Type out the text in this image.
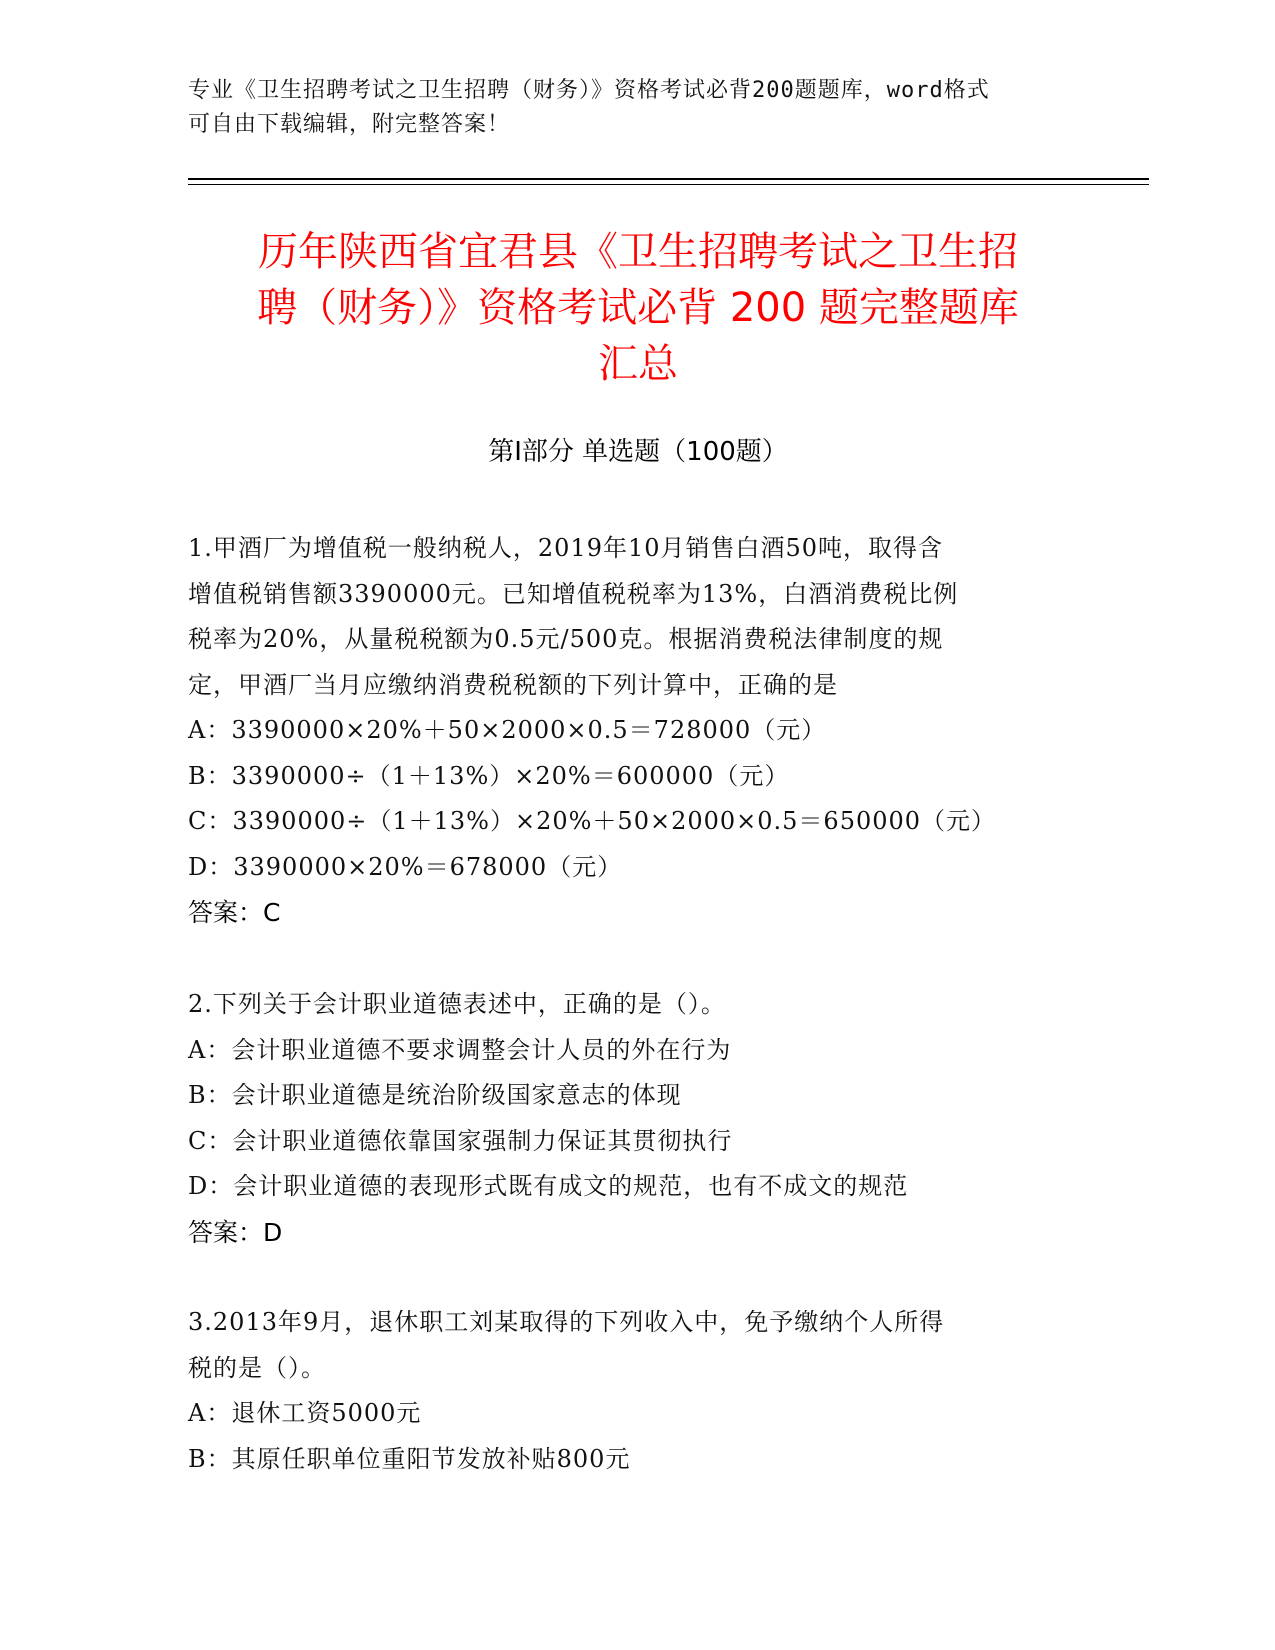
专业《卫生招聘考试之卫生招聘（财务）》资格考试必背200题题库，word格式
可自由下载编辑，附完整答案！
历年陕西省宜君县《卫生招聘考试之卫生招
聘（财务）》资格考试必背 200 题完整题库
汇总
第Ⅰ部分 单选题（100题）
1.甲酒厂为增值税一般纳税人，2019年10月销售白酒50吨，取得含
增值税销售额3390000元。已知增值税税率为13%，白酒消费税比例
税率为20%，从量税税额为0.5元/500克。根据消费税法律制度的规
定，甲酒厂当月应缴纳消费税税额的下列计算中，正确的是
A：3390000×20%＋50×2000×0.5＝728000（元）
B：3390000÷（1＋13%）×20%＝600000（元）
C：3390000÷（1＋13%）×20%＋50×2000×0.5＝650000（元）
D：3390000×20%＝678000（元）
答案：C
2.下列关于会计职业道德表述中，正确的是（）。
A：会计职业道德不要求调整会计人员的外在行为
B：会计职业道德是统治阶级国家意志的体现
C：会计职业道德依靠国家强制力保证其贯彻执行
D：会计职业道德的表现形式既有成文的规范，也有不成文的规范
答案：D
3.2013年9月，退休职工刘某取得的下列收入中，免予缴纳个人所得
税的是（）。
A：退休工资5000元
B：其原任职单位重阳节发放补贴800元
